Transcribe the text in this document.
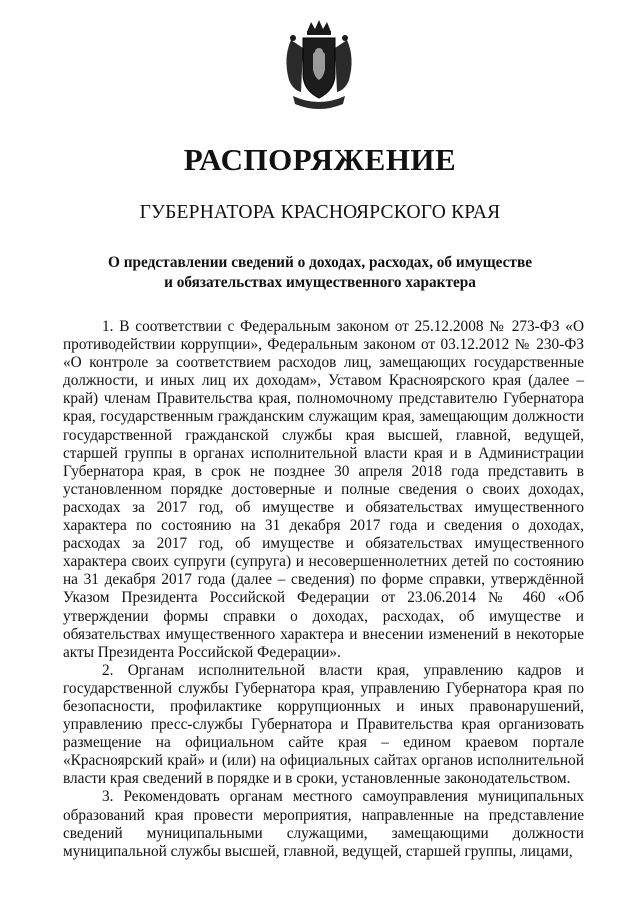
РАСПОРЯЖЕНИЕ
ГУБЕРНАТОРА КРАСНОЯРСКОГО КРАЯ
О представлении сведений о доходах, расходах, об имуществе
и обязательствах имущественного характера

1. В соответствии с Федеральным законом от 25.12.2008 № 273-ФЗ «О противодействии коррупции», Федеральным законом от 03.12.2012 № 230-ФЗ «О контроле за соответствием расходов лиц, замещающих государственные должности, и иных лиц их доходам», Уставом Красноярского края (далее – край) членам Правительства края, полномочному представителю Губернатора края, государственным гражданским служащим края, замещающим должности государственной гражданской службы края высшей, главной, ведущей, старшей группы в органах исполнительной власти края и в Администрации Губернатора края, в срок не позднее 30 апреля 2018 года представить в установленном порядке достоверные и полные сведения о своих доходах, расходах за 2017 год, об имуществе и обязательствах имущественного характера по состоянию на 31 декабря 2017 года и сведения о доходах, расходах за 2017 год, об имуществе и обязательствах имущественного характера своих супруги (супруга) и несовершеннолетних детей по состоянию на 31 декабря 2017 года (далее – сведения) по форме справки, утверждённой Указом Президента Российской Федерации от 23.06.2014 № 460 «Об утверждении формы справки о доходах, расходах, об имуществе и обязательствах имущественного характера и внесении изменений в некоторые акты Президента Российской Федерации».

2. Органам исполнительной власти края, управлению кадров и государственной службы Губернатора края, управлению Губернатора края по безопасности, профилактике коррупционных и иных правонарушений, управлению пресс-службы Губернатора и Правительства края организовать размещение на официальном сайте края – едином краевом портале «Красноярский край» и (или) на официальных сайтах органов исполнительной власти края сведений в порядке и в сроки, установленные законодательством.

3. Рекомендовать органам местного самоуправления муниципальных образований края провести мероприятия, направленные на представление сведений муниципальными служащими, замещающими должности муниципальной службы высшей, главной, ведущей, старшей группы, лицами,
